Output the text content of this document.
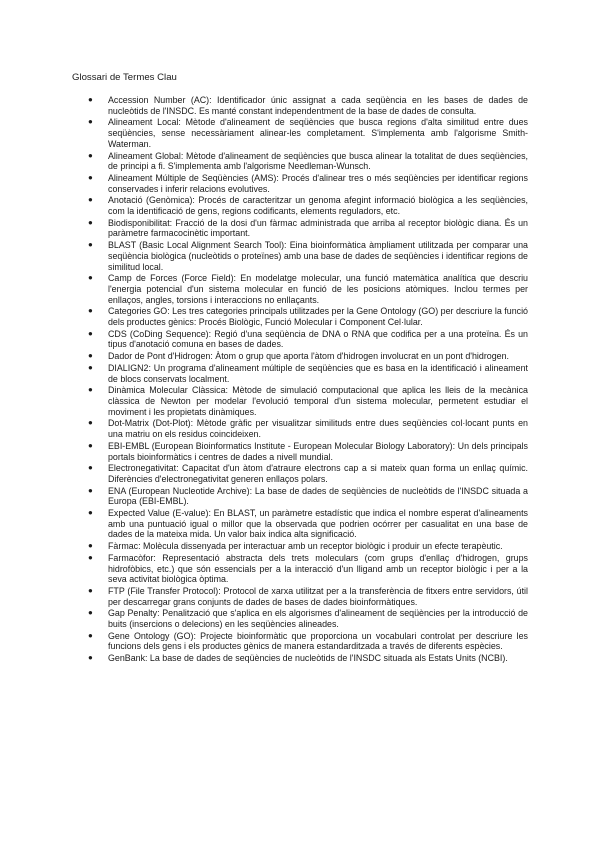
Glossari de Termes Clau
● Accession Number (AC): Identificador únic assignat a cada seqüència en les bases de dades de nucleòtids de l'INSDC. Es manté constant independentment de la base de dades de consulta.
● Alineament Local: Mètode d'alineament de seqüències que busca regions d'alta similitud entre dues seqüències, sense necessàriament alinear-les completament. S'implementa amb l'algorisme Smith-Waterman.
● Alineament Global: Mètode d'alineament de seqüències que busca alinear la totalitat de dues seqüències, de principi a fi. S'implementa amb l'algorisme Needleman-Wunsch.
● Alineament Múltiple de Seqüències (AMS): Procés d'alinear tres o més seqüències per identificar regions conservades i inferir relacions evolutives.
● Anotació (Genòmica): Procés de caracteritzar un genoma afegint informació biològica a les seqüències, com la identificació de gens, regions codificants, elements reguladors, etc.
● Biodisponibilitat: Fracció de la dosi d'un fàrmac administrada que arriba al receptor biològic diana. És un paràmetre farmacocinètic important.
● BLAST (Basic Local Alignment Search Tool): Eina bioinformàtica àmpliament utilitzada per comparar una seqüència biològica (nucleòtids o proteïnes) amb una base de dades de seqüències i identificar regions de similitud local.
● Camp de Forces (Force Field): En modelatge molecular, una funció matemàtica analítica que descriu l'energia potencial d'un sistema molecular en funció de les posicions atòmiques. Inclou termes per enllaços, angles, torsions i interaccions no enllaçants.
● Categories GO: Les tres categories principals utilitzades per la Gene Ontology (GO) per descriure la funció dels productes gènics: Procés Biològic, Funció Molecular i Component Cel·lular.
● CDS (CoDing Sequence): Regió d'una seqüència de DNA o RNA que codifica per a una proteïna. És un tipus d'anotació comuna en bases de dades.
● Dador de Pont d'Hidrogen: Àtom o grup que aporta l'àtom d'hidrogen involucrat en un pont d'hidrogen.
● DIALIGN2: Un programa d'alineament múltiple de seqüències que es basa en la identificació i alineament de blocs conservats localment.
● Dinàmica Molecular Clàssica: Mètode de simulació computacional que aplica les lleis de la mecànica clàssica de Newton per modelar l'evolució temporal d'un sistema molecular, permetent estudiar el moviment i les propietats dinàmiques.
● Dot-Matrix (Dot-Plot): Mètode gràfic per visualitzar similituds entre dues seqüències col·locant punts en una matriu on els residus coincideixen.
● EBI-EMBL (European Bioinformatics Institute - European Molecular Biology Laboratory): Un dels principals portals bioinformàtics i centres de dades a nivell mundial.
● Electronegativitat: Capacitat d'un àtom d'atraure electrons cap a si mateix quan forma un enllaç químic. Diferències d'electronegativitat generen enllaços polars.
● ENA (European Nucleotide Archive): La base de dades de seqüències de nucleòtids de l'INSDC situada a Europa (EBI-EMBL).
● Expected Value (E-value): En BLAST, un paràmetre estadístic que indica el nombre esperat d'alineaments amb una puntuació igual o millor que la observada que podrien ocórrer per casualitat en una base de dades de la mateixa mida. Un valor baix indica alta significació.
● Fàrmac: Molècula dissenyada per interactuar amb un receptor biològic i produir un efecte terapèutic.
● Farmacòfor: Representació abstracta dels trets moleculars (com grups d'enllaç d'hidrogen, grups hidrofòbics, etc.) que són essencials per a la interacció d'un lligand amb un receptor biològic i per a la seva activitat biològica òptima.
● FTP (File Transfer Protocol): Protocol de xarxa utilitzat per a la transferència de fitxers entre servidors, útil per descarregar grans conjunts de dades de bases de dades bioinformàtiques.
● Gap Penalty: Penalització que s'aplica en els algorismes d'alineament de seqüències per la introducció de buits (insercions o delecions) en les seqüències alineades.
● Gene Ontology (GO): Projecte bioinformàtic que proporciona un vocabulari controlat per descriure les funcions dels gens i els productes gènics de manera estandarditzada a través de diferents espècies.
● GenBank: La base de dades de seqüències de nucleòtids de l'INSDC situada als Estats Units (NCBI).
